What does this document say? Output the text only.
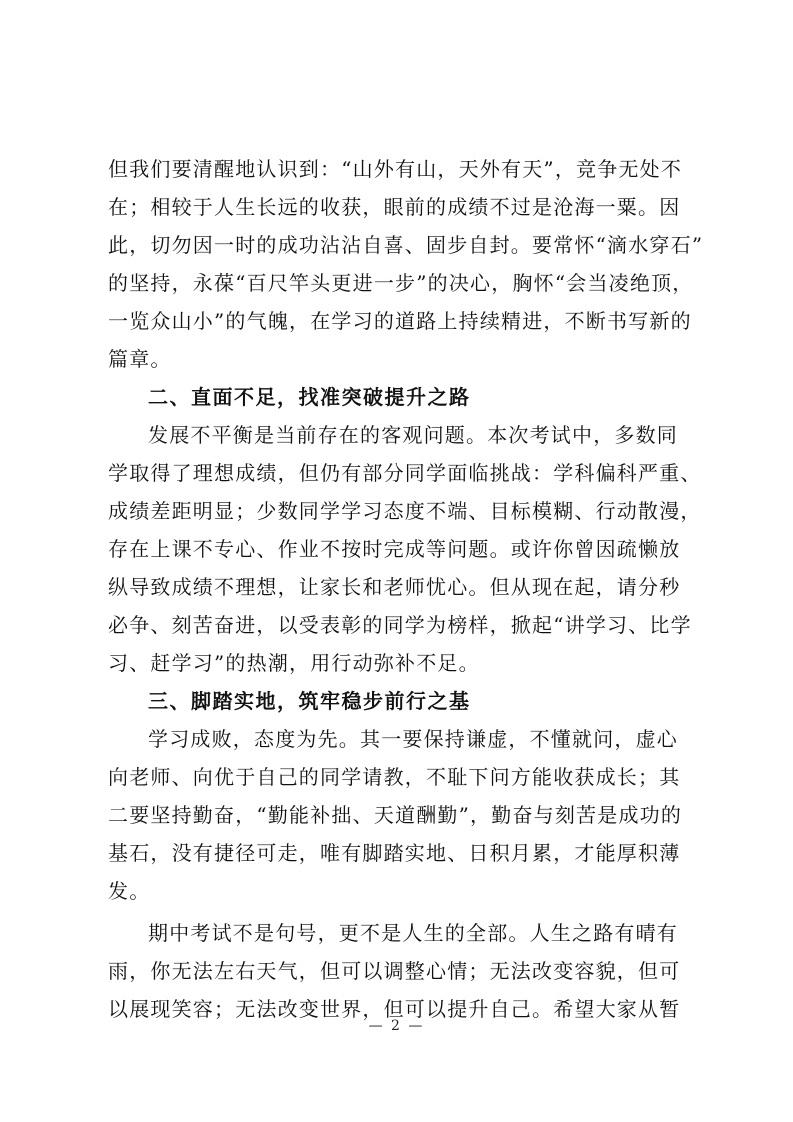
但我们要清醒地认识到：“山外有山，天外有天”，竞争无处不
在；相较于人生长远的收获，眼前的成绩不过是沧海一粟。因
此，切勿因一时的成功沾沾自喜、固步自封。要常怀“滴水穿石”
的坚持，永葆“百尺竿头更进一步”的决心，胸怀“会当凌绝顶，
一览众山小”的气魄，在学习的道路上持续精进，不断书写新的
篇章。
二、直面不足，找准突破提升之路
发展不平衡是当前存在的客观问题。本次考试中，多数同
学取得了理想成绩，但仍有部分同学面临挑战：学科偏科严重、
成绩差距明显；少数同学学习态度不端、目标模糊、行动散漫，
存在上课不专心、作业不按时完成等问题。或许你曾因疏懒放
纵导致成绩不理想，让家长和老师忧心。但从现在起，请分秒
必争、刻苦奋进，以受表彰的同学为榜样，掀起“讲学习、比学
习、赶学习”的热潮，用行动弥补不足。
三、脚踏实地，筑牢稳步前行之基
学习成败，态度为先。其一要保持谦虚，不懂就问，虚心
向老师、向优于自己的同学请教，不耻下问方能收获成长；其
二要坚持勤奋，“勤能补拙、天道酬勤”，勤奋与刻苦是成功的
基石，没有捷径可走，唯有脚踏实地、日积月累，才能厚积薄
发。
期中考试不是句号，更不是人生的全部。人生之路有晴有
雨，你无法左右天气，但可以调整心情；无法改变容貌，但可
以展现笑容；无法改变世界，但可以提升自己。希望大家从暂
— 2 —
